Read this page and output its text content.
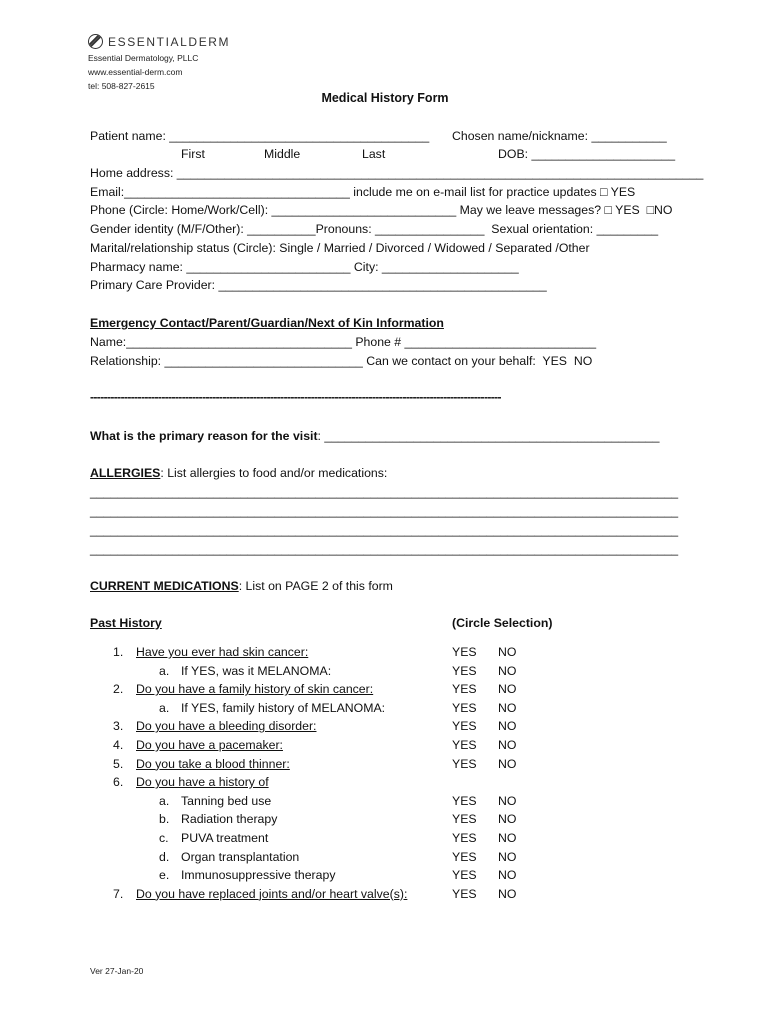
ESSENTIALDERM
Essential Dermatology, PLLC
www.essential-derm.com
tel: 508-827-2615
Medical History Form
Patient name: ______________________________________ Chosen name/nickname: ___________
First	Middle	Last	DOB: _____________________
Home address: _____________________________________________________________________________
Email:_________________________________ include me on e-mail list for practice updates □ YES
Phone (Circle: Home/Work/Cell): ___________________________ May we leave messages? □ YES  □NO
Gender identity (M/F/Other): __________Pronouns: ________________  Sexual orientation: _________
Marital/relationship status (Circle): Single / Married / Divorced / Widowed / Separated /Other
Pharmacy name: ________________________ City: ____________________
Primary Care Provider: ________________________________________________
Emergency Contact/Parent/Guardian/Next of Kin Information
Name:_________________________________ Phone # ____________________________
Relationship: _____________________________ Can we contact on your behalf:  YES  NO
-------------------------------------------------------------------------------------------------------------------------
What is the primary reason for the visit: _________________________________________________
ALLERGIES: List allergies to food and/or medications:
______________________________________________________________________________________
______________________________________________________________________________________
______________________________________________________________________________________
______________________________________________________________________________________
CURRENT MEDICATIONS: List on PAGE 2 of this form
Past History	(Circle Selection)
1. Have you ever had skin cancer:	YES NO
a. If YES, was it MELANOMA:	YES NO
2. Do you have a family history of skin cancer:	YES NO
a. If YES, family history of MELANOMA:	YES NO
3. Do you have a bleeding disorder:	YES NO
4. Do you have a pacemaker:	YES NO
5. Do you take a blood thinner:	YES NO
6. Do you have a history of
a. Tanning bed use	YES NO
b. Radiation therapy	YES NO
c. PUVA treatment	YES NO
d. Organ transplantation	YES NO
e. Immunosuppressive therapy	YES NO
7. Do you have replaced joints and/or heart valve(s):	YES NO
Ver 27-Jan-20
